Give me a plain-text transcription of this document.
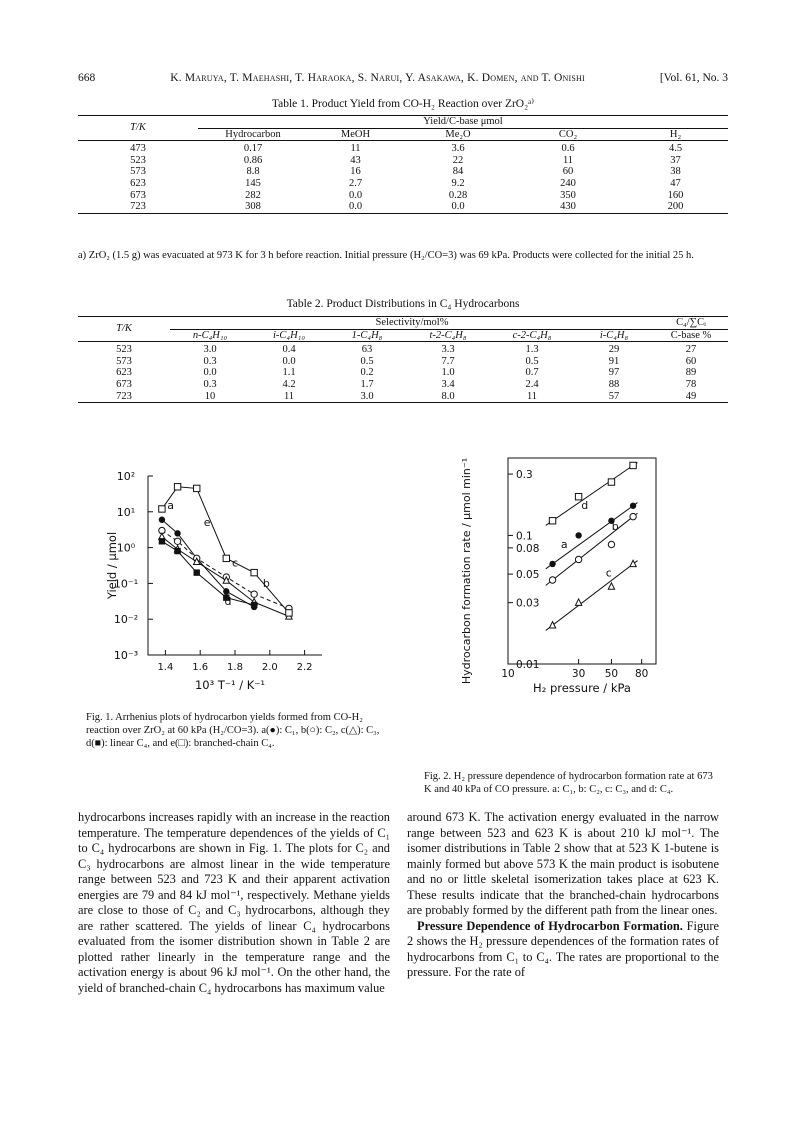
668	K. Maruya, T. Maehashi, T. Haraoka, S. Narui, Y. Asakawa, K. Domen, and T. Onishi	[Vol. 61, No. 3
Table 1. Product Yield from CO-H₂ Reaction over ZrO₂ᵃ⁾
T/K	Yield/C-base μmol				
	Hydrocarbon	MeOH	Me₂O	CO₂	H₂
473	0.17	11	3.6	0.6	4.5
523	0.86	43	22	11	37
573	8.8	16	84	60	38
623	145	2.7	9.2	240	47
673	282	0.0	0.28	350	160
723	308	0.0	0.0	430	200
a) ZrO₂ (1.5 g) was evacuated at 973 K for 3 h before reaction. Initial pressure (H₂/CO=3) was 69 kPa. Products were collected for the initial 25 h.
Table 2. Product Distributions in C₄ Hydrocarbons
T/K	Selectivity/mol%						C₄/∑Cᵢ
	n-C₄H₁₀	i-C₄H₁₀	1-C₄H₈	t-2-C₄H₈	c-2-C₄H₈	i-C₄H₈	C-base %
523	3.0	0.4	63	3.3	1.3	29	27
573	0.3	0.0	0.5	7.7	0.5	91	60
623	0.0	1.1	0.2	1.0	0.7	97	89
673	0.3	4.2	1.7	3.4	2.4	88	78
723	10	11	3.0	8.0	11	57	49
10²
10¹
10⁰
10⁻¹
10⁻²
10⁻³
1.4 1.6 1.8 2.0 2.2
10³ T⁻¹ / K⁻¹
Yield / μmol
a
b
c
d
e
Fig. 1. Arrhenius plots of hydrocarbon yields formed from CO-H₂ reaction over ZrO₂ at 60 kPa (H₂/CO=3). a(●): C₁, b(○): C₂, c(△): C₃, d(■): linear C₄, and e(□): branched-chain C₄.
0.01
0.03
0.05
0.08
0.1
0.3
10	30 50 80
H₂ pressure / kPa
Hydrocarbon formation rate / μmol min⁻¹	a
b
c
d
Fig. 2. H₂ pressure dependence of hydrocarbon formation rate at 673 K and 40 kPa of CO pressure. a: C₁, b: C₂, c: C₃, and d: C₄.

hydrocarbons increases rapidly with an increase in the reaction temperature. The temperature dependences of the yields of C₁ to C₄ hydrocarbons are shown in Fig. 1. The plots for C₂ and C₃ hydrocarbons are almost linear in the wide temperature range between 523 and 723 K and their apparent activation energies are 79 and 84 kJ mol⁻¹, respectively. Methane yields are close to those of C₂ and C₃ hydrocarbons, although they are rather scattered. The yields of linear C₄ hydrocarbons evaluated from the isomer distribution shown in Table 2 are plotted rather linearly in the temperature range and the activation energy is about 96 kJ mol⁻¹. On the other hand, the yield of branched-chain C₄ hydrocarbons has maximum value

around 673 K. The activation energy evaluated in the narrow range between 523 and 623 K is about 210 kJ mol⁻¹. The isomer distributions in Table 2 show that at 523 K 1-butene is mainly formed but above 573 K the main product is isobutene and no or little skeletal isomerization takes place at 623 K. These results indicate that the branched-chain hydrocarbons are probably formed by the different path from the linear ones.

Pressure Dependence of Hydrocarbon Formation. Figure 2 shows the H₂ pressure dependences of the formation rates of hydrocarbons from C₁ to C₄. The rates are proportional to the pressure. For the rate of
